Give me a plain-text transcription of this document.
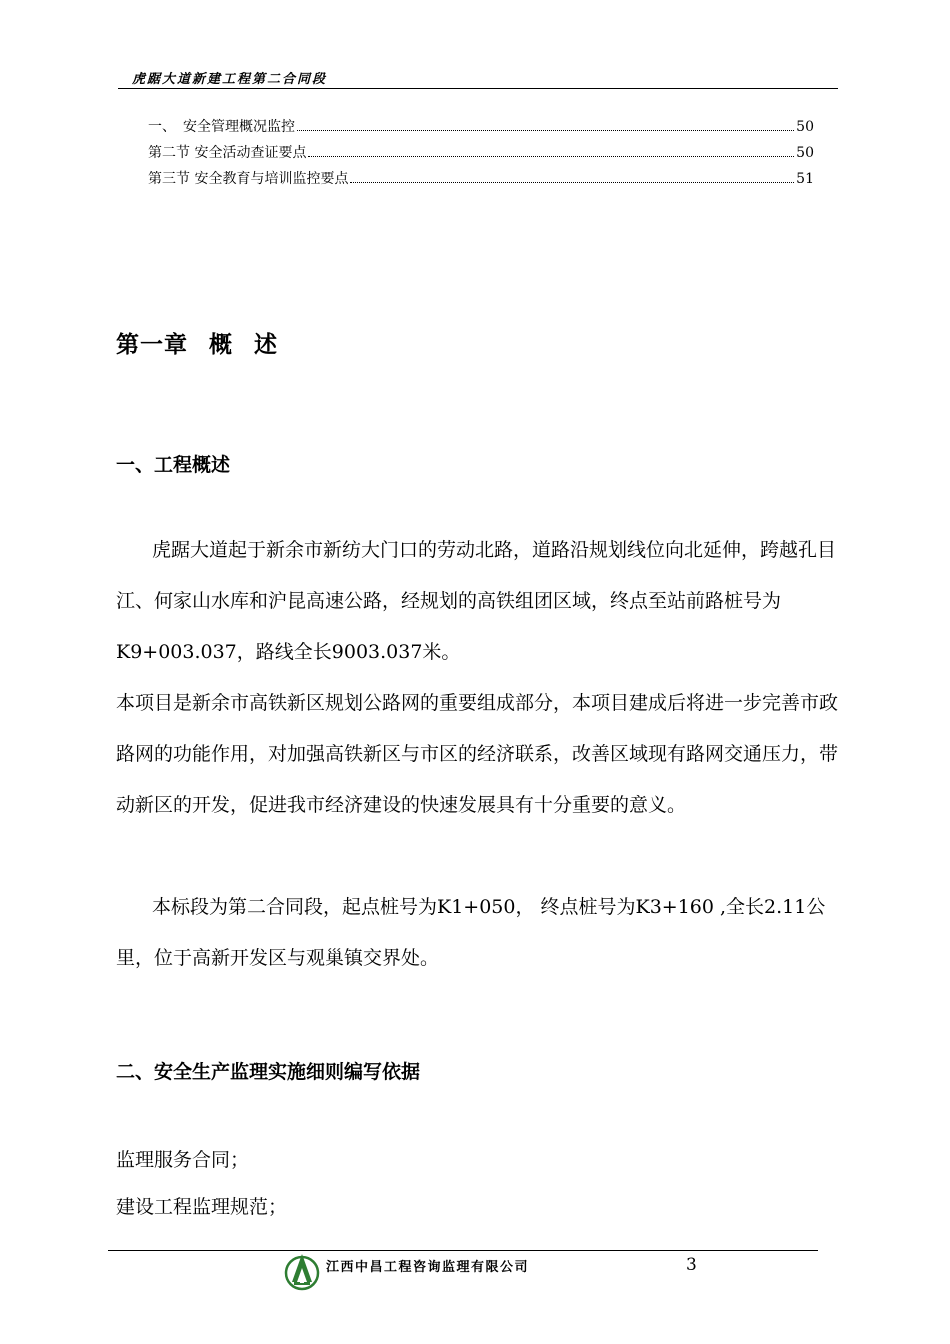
虎踞大道新建工程第二合同段
一、　安全管理概况监控	50
第二节 安全活动查证要点	50
第三节 安全教育与培训监控要点	51
第一章 概 述
一、工程概述

虎踞大道起于新余市新纺大门口的劳动北路，道路沿规划线位向北延伸，跨越孔目江、何家山水库和沪昆高速公路，经规划的高铁组团区域，终点至站前路桩号为K9+003.037，路线全长9003.037米。

本项目是新余市高铁新区规划公路网的重要组成部分，本项目建成后将进一步完善市政路网的功能作用，对加强高铁新区与市区的经济联系，改善区域现有路网交通压力，带动新区的开发，促进我市经济建设的快速发展具有十分重要的意义。

本标段为第二合同段，起点桩号为K1+050， 终点桩号为K3+160 ,全长2.11公里，位于高新开发区与观巢镇交界处。

二、安全生产监理实施细则编写依据

监理服务合同；

建设工程监理规范；

江西中昌工程咨询监理有限公司	3
